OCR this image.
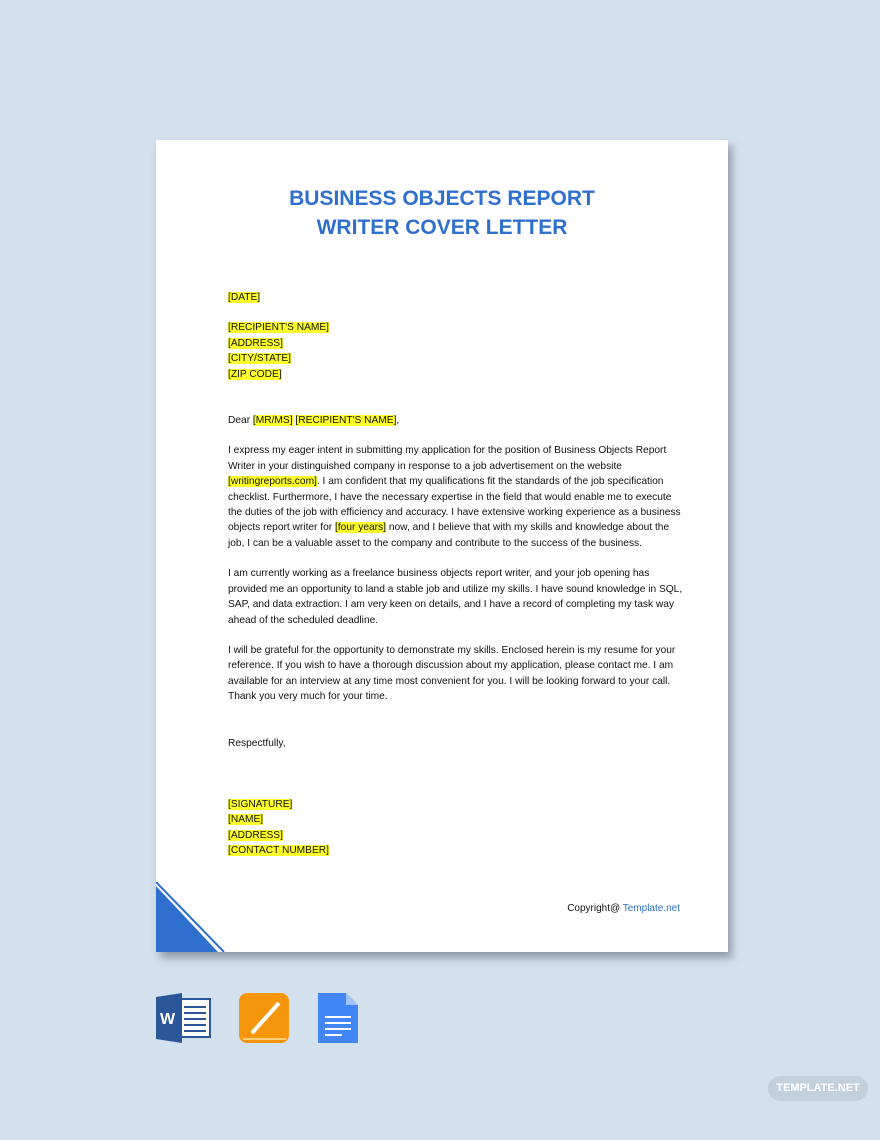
BUSINESS OBJECTS REPORT
WRITER COVER LETTER

[DATE]

[RECIPIENT'S NAME]
[ADDRESS]
[CITY/STATE]
[ZIP CODE]

Dear [MR/MS] [RECIPIENT'S NAME],

I express my eager intent in submitting my application for the position of Business Objects Report Writer in your distinguished company in response to a job advertisement on the website [writingreports.com]. I am confident that my qualifications fit the standards of the job specification checklist. Furthermore, I have the necessary expertise in the field that would enable me to execute the duties of the job with efficiency and accuracy. I have extensive working experience as a business objects report writer for [four years] now, and I believe that with my skills and knowledge about the job, I can be a valuable asset to the company and contribute to the success of the business.

I am currently working as a freelance business objects report writer, and your job opening has provided me an opportunity to land a stable job and utilize my skills. I have sound knowledge in SQL, SAP, and data extraction. I am very keen on details, and I have a record of completing my task way ahead of the scheduled deadline.

I will be grateful for the opportunity to demonstrate my skills. Enclosed herein is my resume for your reference. If you wish to have a thorough discussion about my application, please contact me. I am available for an interview at any time most convenient for you. I will be looking forward to your call. Thank you very much for your time.

Respectfully,

[SIGNATURE]
[NAME]
[ADDRESS]
[CONTACT NUMBER]

Copyright@ Template.net
W
TEMPLATE.NET
